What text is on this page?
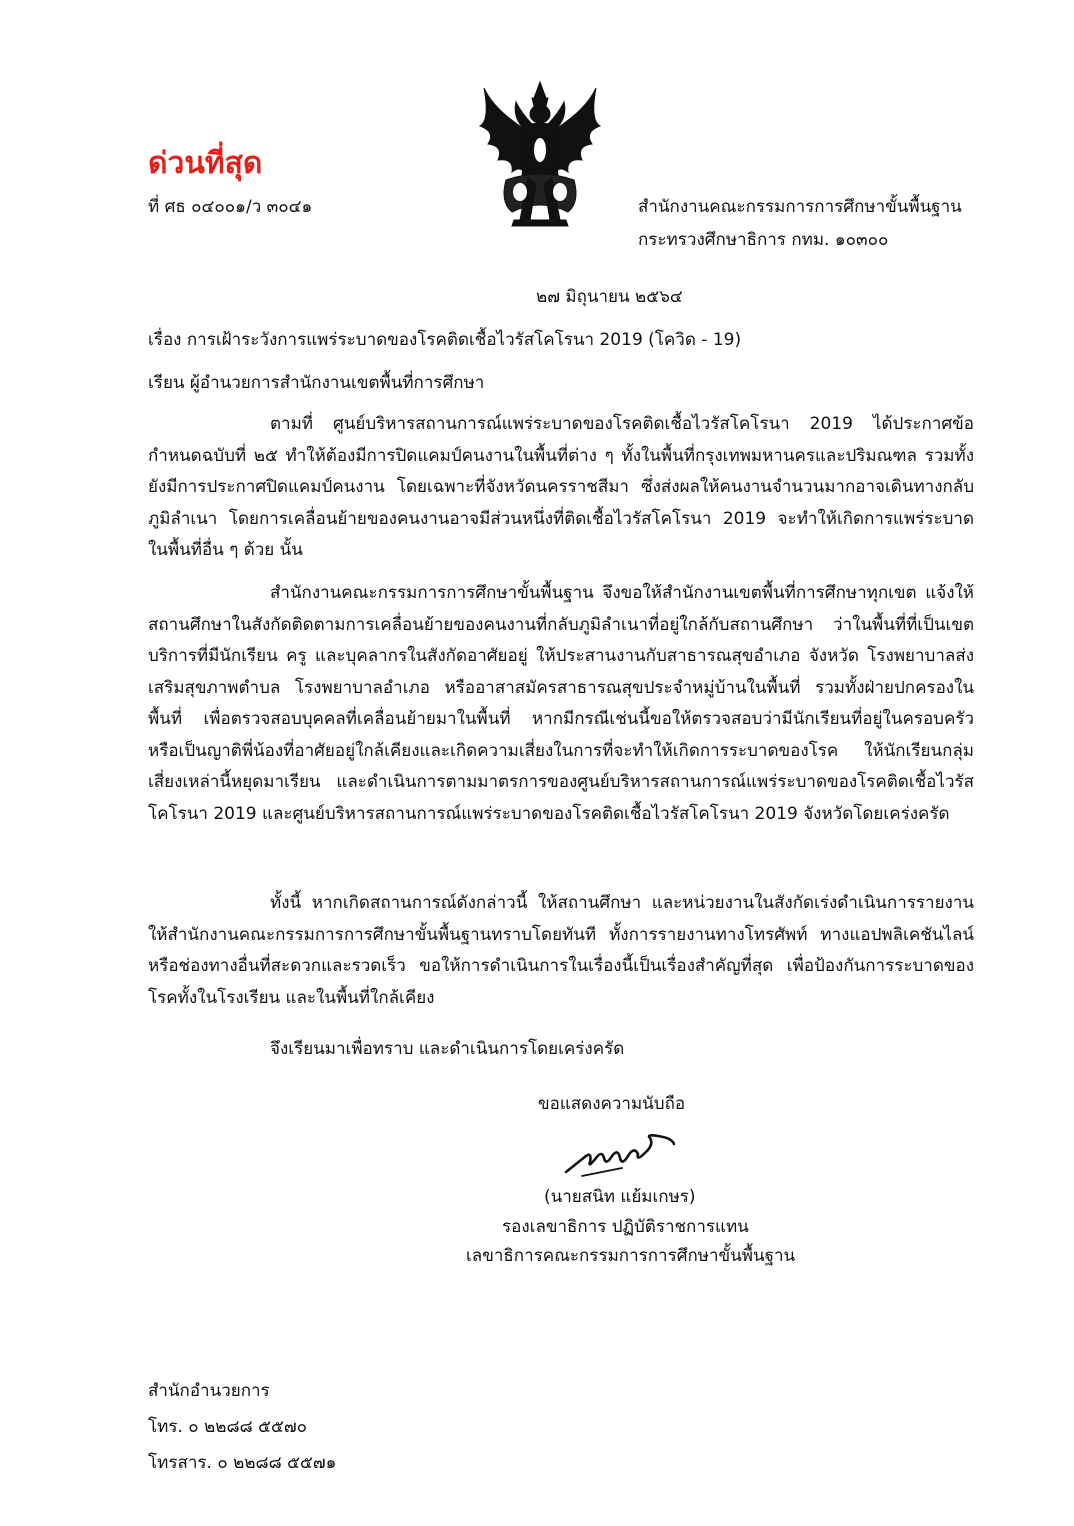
ด่วนที่สุด
ที่ ศธ ๐๔๐๐๑/ว ๓๐๔๑	สำนักงานคณะกรรมการการศึกษาขั้นพื้นฐาน
กระทรวงศึกษาธิการ กทม. ๑๐๓๐๐
๒๗ มิถุนายน ๒๕๖๔
เรื่อง การเฝ้าระวังการแพร่ระบาดของโรคติดเชื้อไวรัสโคโรนา 2019 (โควิด - 19)
เรียน ผู้อำนวยการสำนักงานเขตพื้นที่การศึกษา

ตามที่ ศูนย์บริหารสถานการณ์แพร่ระบาดของโรคติดเชื้อไวรัสโคโรนา 2019 ได้ประกาศข้อกำหนดฉบับที่ ๒๕ ทำให้ต้องมีการปิดแคมป์คนงานในพื้นที่ต่าง ๆ ทั้งในพื้นที่กรุงเทพมหานครและปริมณฑล รวมทั้งยังมีการประกาศปิดแคมป์คนงาน โดยเฉพาะที่จังหวัดนครราชสีมา ซึ่งส่งผลให้คนงานจำนวนมากอาจเดินทางกลับภูมิลำเนา โดยการเคลื่อนย้ายของคนงานอาจมีส่วนหนึ่งที่ติดเชื้อไวรัสโคโรนา 2019 จะทำให้เกิดการแพร่ระบาดในพื้นที่อื่น ๆ ด้วย นั้น

สำนักงานคณะกรรมการการศึกษาขั้นพื้นฐาน จึงขอให้สำนักงานเขตพื้นที่การศึกษาทุกเขต แจ้งให้สถานศึกษาในสังกัดติดตามการเคลื่อนย้ายของคนงานที่กลับภูมิลำเนาที่อยู่ใกล้กับสถานศึกษา ว่าในพื้นที่ที่เป็นเขตบริการที่มีนักเรียน ครู และบุคลากรในสังกัดอาศัยอยู่ ให้ประสานงานกับสาธารณสุขอำเภอ จังหวัด โรงพยาบาลส่งเสริมสุขภาพตำบล โรงพยาบาลอำเภอ หรืออาสาสมัครสาธารณสุขประจำหมู่บ้านในพื้นที่ รวมทั้งฝ่ายปกครองในพื้นที่ เพื่อตรวจสอบบุคคลที่เคลื่อนย้ายมาในพื้นที่ หากมีกรณีเช่นนี้ขอให้ตรวจสอบว่ามีนักเรียนที่อยู่ในครอบครัว หรือเป็นญาติพี่น้องที่อาศัยอยู่ใกล้เคียงและเกิดความเสี่ยงในการที่จะทำให้เกิดการระบาดของโรค ให้นักเรียนกลุ่มเสี่ยงเหล่านี้หยุดมาเรียน และดำเนินการตามมาตรการของศูนย์บริหารสถานการณ์แพร่ระบาดของโรคติดเชื้อไวรัสโคโรนา 2019 และศูนย์บริหารสถานการณ์แพร่ระบาดของโรคติดเชื้อไวรัสโคโรนา 2019 จังหวัดโดยเคร่งครัด

ทั้งนี้ หากเกิดสถานการณ์ดังกล่าวนี้ ให้สถานศึกษา และหน่วยงานในสังกัดเร่งดำเนินการรายงานให้สำนักงานคณะกรรมการการศึกษาขั้นพื้นฐานทราบโดยทันที ทั้งการรายงานทางโทรศัพท์ ทางแอปพลิเคชันไลน์ หรือช่องทางอื่นที่สะดวกและรวดเร็ว ขอให้การดำเนินการในเรื่องนี้เป็นเรื่องสำคัญที่สุด เพื่อป้องกันการระบาดของโรคทั้งในโรงเรียน และในพื้นที่ใกล้เคียง

จึงเรียนมาเพื่อทราบ และดำเนินการโดยเคร่งครัด
ขอแสดงความนับถือ
(นายสนิท แย้มเกษร)
รองเลขาธิการ ปฏิบัติราชการแทน
เลขาธิการคณะกรรมการการศึกษาขั้นพื้นฐาน
สำนักอำนวยการ
โทร. ๐ ๒๒๘๘ ๕๕๗๐
โทรสาร. ๐ ๒๒๘๘ ๕๕๗๑
